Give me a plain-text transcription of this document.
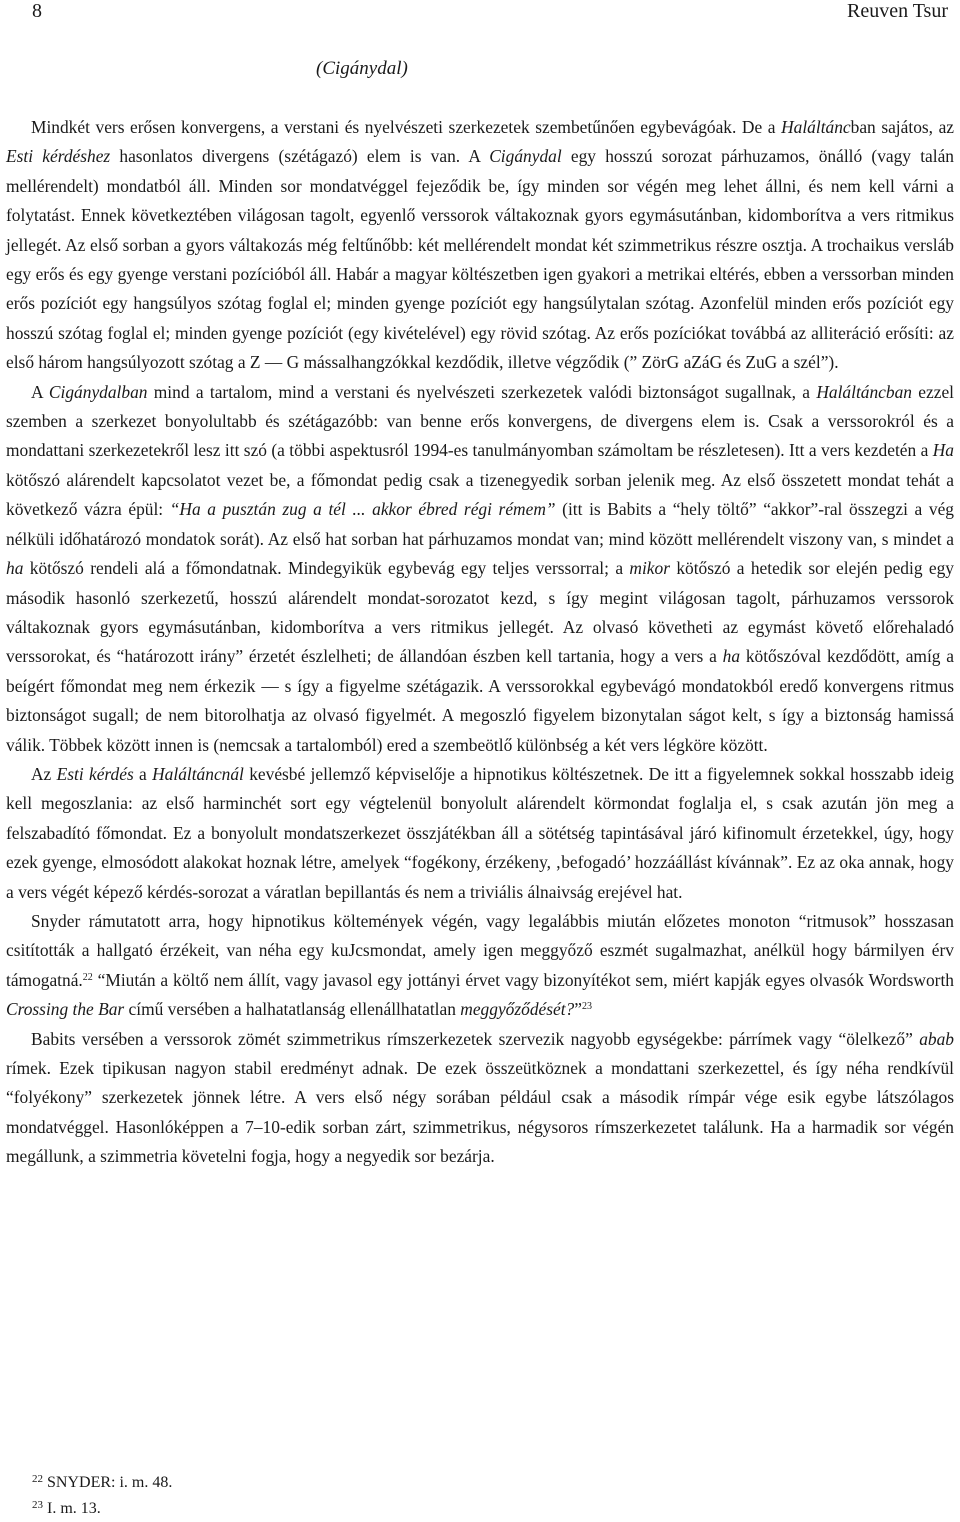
8	Reuven Tsur
(Cigánydal)

Mindkét vers erősen konvergens, a verstani és nyelvészeti szerkezetek szembetűnően egybevágóak. De a Haláltáncban sajátos, az Esti kérdéshez hasonlatos divergens (szétágazó) elem is van. A Cigánydal egy hosszú sorozat párhuzamos, önálló (vagy talán mellérendelt) mondatból áll. Minden sor mondatvéggel fejeződik be, így minden sor végén meg lehet állni, és nem kell várni a folytatást. Ennek következtében világosan tagolt, egyenlő verssorok váltakoznak gyors egymásutánban, kidomborítva a vers ritmikus jellegét. Az első sorban a gyors váltakozás még feltűnőbb: két mellérendelt mondat két szimmetrikus részre osztja. A trochaikus versláb egy erős és egy gyenge verstani pozícióból áll. Habár a magyar költészetben igen gyakori a metrikai eltérés, ebben a verssorban minden erős pozíciót egy hangsúlyos szótag foglal el; minden gyenge pozíciót egy hangsúlytalan szótag. Azonfelül minden erős pozíciót egy hosszú szótag foglal el; minden gyenge pozíciót (egy kivételével) egy rövid szótag. Az erős pozíciókat továbbá az alliteráció erősíti: az első három hangsúlyozott szótag a Z — G mássalhangzókkal kezdődik, illetve végződik (” ZörG aZáG és ZuG a szél”).

A Cigánydalban mind a tartalom, mind a verstani és nyelvészeti szerkezetek valódi biztonságot sugallnak, a Haláltáncban ezzel szemben a szerkezet bonyolultabb és szétágazóbb: van benne erős konvergens, de divergens elem is. Csak a verssorokról és a mondattani szerkezetekről lesz itt szó (a többi aspektusról 1994-es tanulmányomban számoltam be részletesen). Itt a vers kezdetén a Ha kötőszó alárendelt kapcsolatot vezet be, a főmondat pedig csak a tizenegyedik sorban jelenik meg. Az első összetett mondat tehát a következő vázra épül: “Ha a pusztán zug a tél ... akkor ébred régi rémem” (itt is Babits a “hely töltő” “akkor”-ral összegzi a vég nélküli időhatározó mondatok sorát). Az első hat sorban hat párhuzamos mondat van; mind között mellérendelt viszony van, s mindet a ha kötőszó rendeli alá a főmondatnak. Mindegyikük egybevág egy teljes verssorral; a mikor kötőszó a hetedik sor elején pedig egy második hasonló szerkezetű, hosszú alárendelt mondat-sorozatot kezd, s így megint világosan tagolt, párhuzamos verssorok váltakoznak gyors egymásutánban, kidomborítva a vers ritmikus jellegét. Az olvasó követheti az egymást követő előrehaladó verssorokat, és “határozott irány” érzetét észlelheti; de állandóan észben kell tartania, hogy a vers a ha kötőszóval kezdődött, amíg a beígért főmondat meg nem érkezik — s így a figyelme szétágazik. A verssorokkal egybevágó mondatokból eredő konvergens ritmus biztonságot sugall; de nem bitorolhatja az olvasó figyelmét. A megoszló figyelem bizonytalan ságot kelt, s így a biztonság hamissá válik. Többek között innen is (nemcsak a tartalomból) ered a szembeötlő különbség a két vers légköre között.

Az Esti kérdés a Haláltáncnál kevésbé jellemző képviselője a hipnotikus költészetnek. De itt a figyelemnek sokkal hosszabb ideig kell megoszlania: az első harminchét sort egy végtelenül bonyolult alárendelt körmondat foglalja el, s csak azután jön meg a felszabadító főmondat. Ez a bonyolult mondatszerkezet összjátékban áll a sötétség tapintásával járó kifinomult érzetekkel, úgy, hogy ezek gyenge, elmosódott alakokat hoznak létre, amelyek “fogékony, érzékeny, ‚befogadó’ hozzáállást kívánnak”. Ez az oka annak, hogy a vers végét képező kérdés-sorozat a váratlan bepillantás és nem a triviális álnaivság erejével hat.

Snyder rámutatott arra, hogy hipnotikus költemények végén, vagy legalábbis miután előzetes monoton “ritmusok” hosszasan csitították a hallgató érzékeit, van néha egy kuJcsmondat, amely igen meggyőző eszmét sugalmazhat, anélkül hogy bármilyen érv támogatná.$^{22}$ “Miután a költő nem állít, vagy javasol egy jottányi érvet vagy bizonyítékot sem, miért kapják egyes olvasók Wordsworth Crossing the Bar című versében a halhatatlanság ellenállhatatlan meggyőződését?”$^{23}$

Babits versében a verssorok zömét szimmetrikus rímszerkezetek szervezik nagyobb egységekbe: párrímek vagy “ölelkező” abab rímek. Ezek tipikusan nagyon stabil eredményt adnak. De ezek összeütköznek a mondattani szerkezettel, és így néha rendkívül “folyékony” szerkezetek jönnek létre. A vers első négy sorában például csak a második rímpár vége esik egybe látszólagos mondatvéggel. Hasonlóképpen a 7–10-edik sorban zárt, szimmetrikus, négysoros rímszerkezetet találunk. Ha a harmadik sor végén megállunk, a szimmetria követelni fogja, hogy a negyedik sor bezárja.

$^{22}$ SNYDER: i. m. 48.
$^{23}$ I. m. 13.
